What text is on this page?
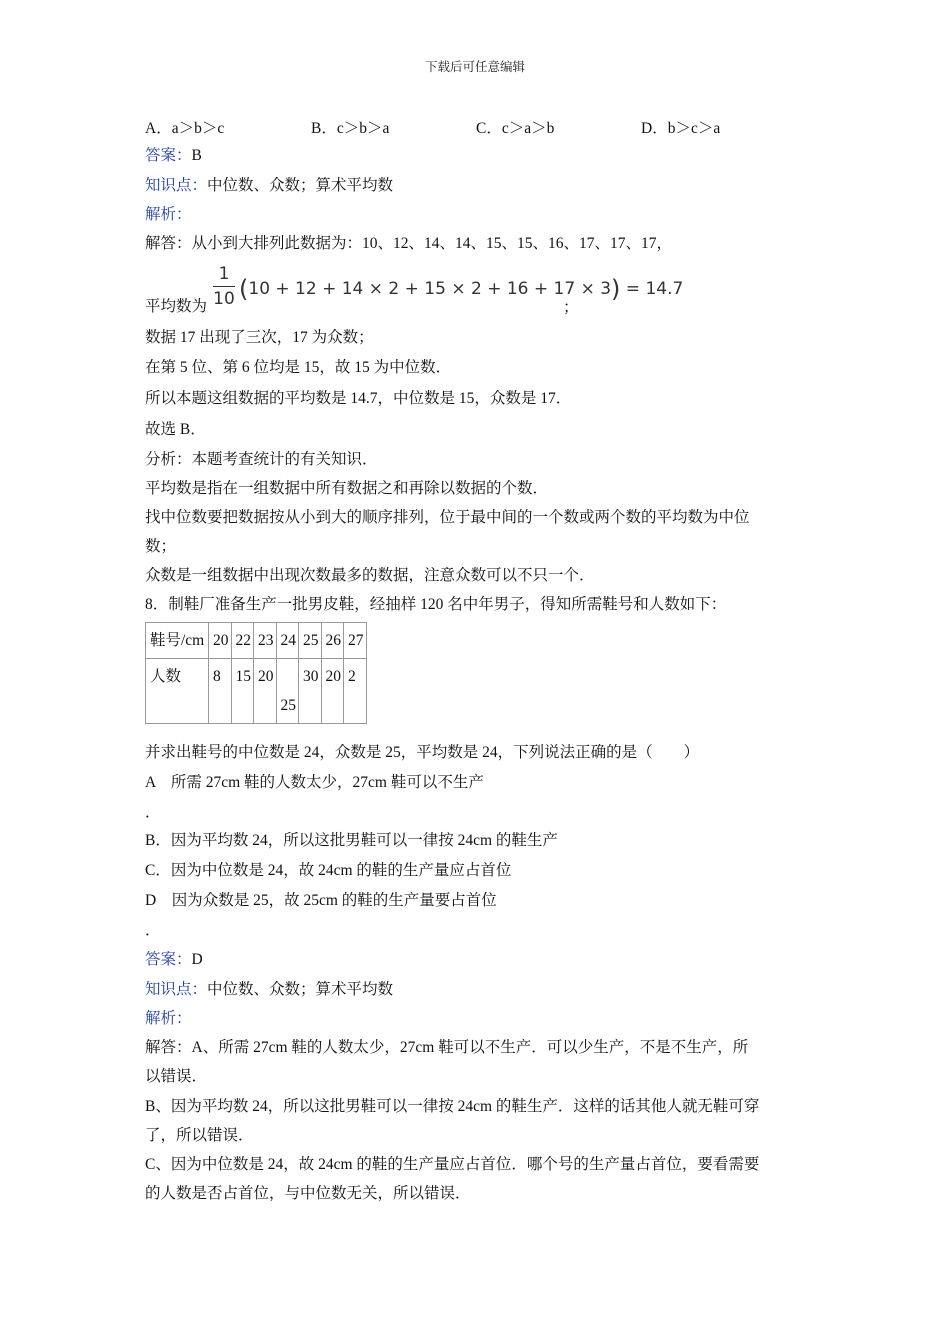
下载后可任意编辑
A．a＞b＞c	B．c＞b＞a	C．c＞a＞b	D．b＞c＞a
答案：B
知识点：中位数、众数；算术平均数
解析：
解答：从小到大排列此数据为：10、12、14、14、15、15、16、17、17、17，
平均数为
1
10 (10 + 12 + 14 × 2 + 15 × 2 + 16 + 17 × 3) = 14.7
；
数据 17 出现了三次，17 为众数；
在第 5 位、第 6 位均是 15，故 15 为中位数．
所以本题这组数据的平均数是 14.7，中位数是 15，众数是 17．
故选 B．
分析：本题考查统计的有关知识．
平均数是指在一组数据中所有数据之和再除以数据的个数．
找中位数要把数据按从小到大的顺序排列，位于最中间的一个数或两个数的平均数为中位
数；
众数是一组数据中出现次数最多的数据，注意众数可以不只一个．
8．制鞋厂准备生产一批男皮鞋，经抽样 120 名中年男子，得知所需鞋号和人数如下：
鞋号/cm	20	22	23	24	25	26	27
人数	8	15	20	25	30	20	2
并求出鞋号的中位数是 24，众数是 25，平均数是 24，下列说法正确的是（　　）
A　所需 27cm 鞋的人数太少，27cm 鞋可以不生产
．
B．因为平均数 24，所以这批男鞋可以一律按 24cm 的鞋生产
C．因为中位数是 24，故 24cm 的鞋的生产量应占首位
D　因为众数是 25，故 25cm 的鞋的生产量要占首位
．
答案：D
知识点：中位数、众数；算术平均数
解析：
解答：A、所需 27cm 鞋的人数太少，27cm 鞋可以不生产．可以少生产，不是不生产，所
以错误．
B、因为平均数 24，所以这批男鞋可以一律按 24cm 的鞋生产．这样的话其他人就无鞋可穿
了，所以错误．
C、因为中位数是 24，故 24cm 的鞋的生产量应占首位．哪个号的生产量占首位，要看需要
的人数是否占首位，与中位数无关，所以错误．
